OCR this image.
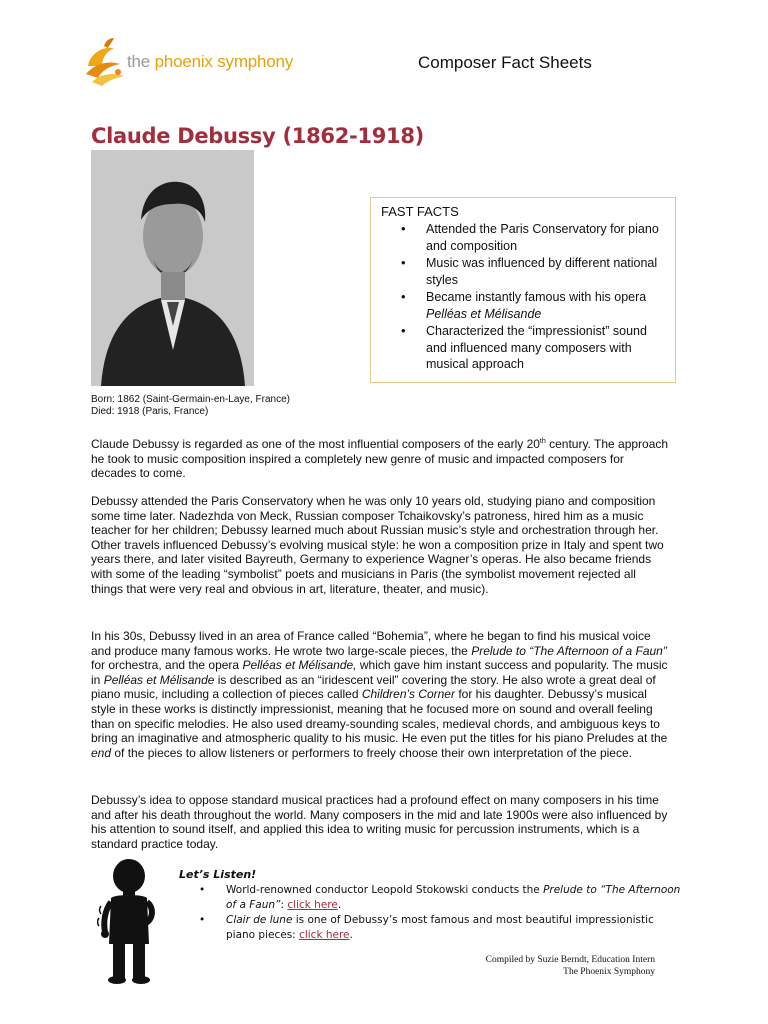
the phoenix symphony	Composer Fact Sheets
Claude Debussy (1862-1918)
Born: 1862 (Saint-Germain-en-Laye, France)
Died: 1918 (Paris, France)
FAST FACTS
• Attended the Paris Conservatory for piano and composition
• Music was influenced by different national styles
• Became instantly famous with his opera Pelléas et Mélisande
• Characterized the “impressionist” sound and influenced many composers with musical approach

Claude Debussy is regarded as one of the most influential composers of the early 20th century. The approach he took to music composition inspired a completely new genre of music and impacted composers for decades to come.

Debussy attended the Paris Conservatory when he was only 10 years old, studying piano and composition some time later. Nadezhda von Meck, Russian composer Tchaikovsky’s patroness, hired him as a music teacher for her children; Debussy learned much about Russian music’s style and orchestration through her. Other travels influenced Debussy’s evolving musical style: he won a composition prize in Italy and spent two years there, and later visited Bayreuth, Germany to experience Wagner’s operas. He also became friends with some of the leading “symbolist” poets and musicians in Paris (the symbolist movement rejected all things that were very real and obvious in art, literature, theater, and music).

In his 30s, Debussy lived in an area of France called “Bohemia”, where he began to find his musical voice and produce many famous works. He wrote two large-scale pieces, the Prelude to “The Afternoon of a Faun” for orchestra, and the opera Pelléas et Mélisande, which gave him instant success and popularity. The music in Pelléas et Mélisande is described as an “iridescent veil” covering the story. He also wrote a great deal of piano music, including a collection of pieces called Children’s Corner for his daughter. Debussy’s musical style in these works is distinctly impressionist, meaning that he focused more on sound and overall feeling than on specific melodies. He also used dreamy-sounding scales, medieval chords, and ambiguous keys to bring an imaginative and atmospheric quality to his music. He even put the titles for his piano Preludes at the end of the pieces to allow listeners or performers to freely choose their own interpretation of the piece.

Debussy’s idea to oppose standard musical practices had a profound effect on many composers in his time and after his death throughout the world. Many composers in the mid and late 1900s were also influenced by his attention to sound itself, and applied this idea to writing music for percussion instruments, which is a standard practice today.

Let’s Listen!
• World-renowned conductor Leopold Stokowski conducts the Prelude to “The Afternoon of a Faun”: click here.
• Clair de lune is one of Debussy’s most famous and most beautiful impressionistic piano pieces: click here.
Compiled by Suzie Berndt, Education Intern
The Phoenix Symphony
